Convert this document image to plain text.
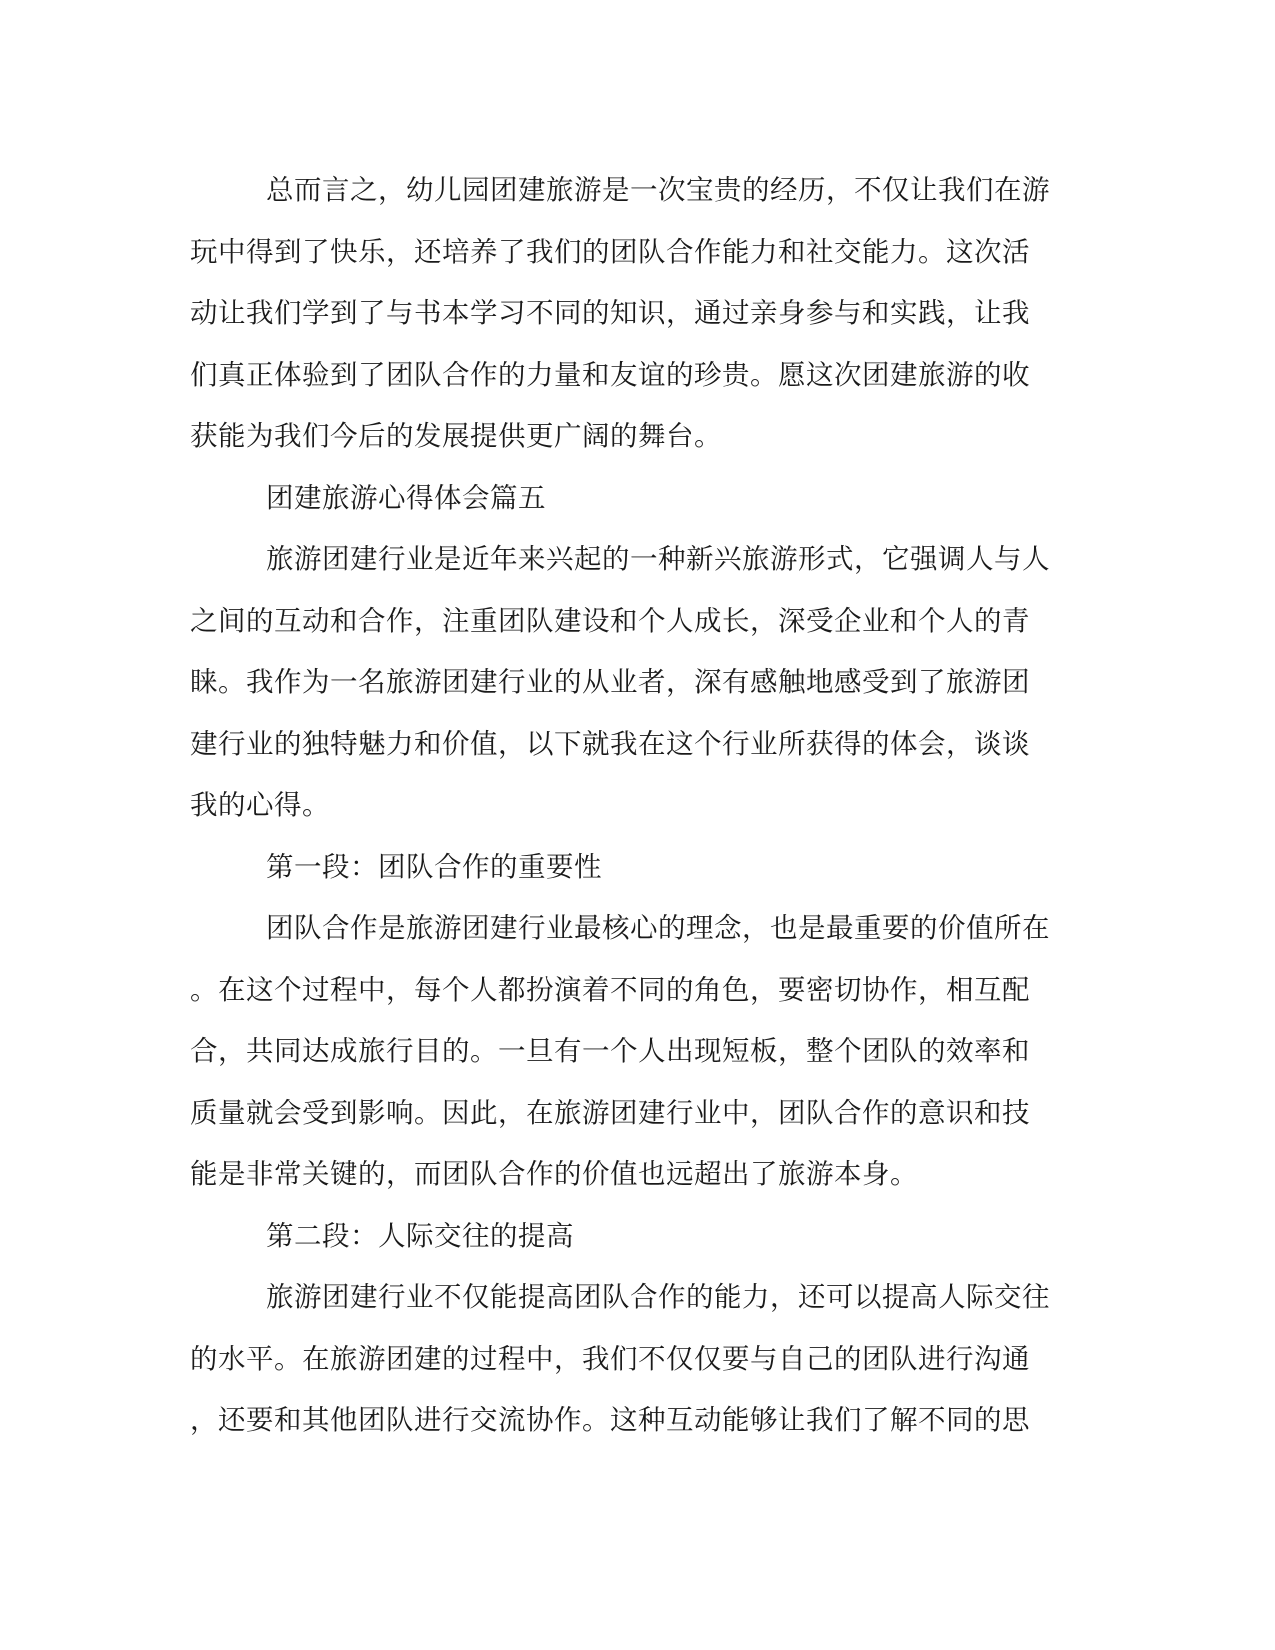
总而言之，幼儿园团建旅游是一次宝贵的经历，不仅让我们在游
玩中得到了快乐，还培养了我们的团队合作能力和社交能力。这次活
动让我们学到了与书本学习不同的知识，通过亲身参与和实践，让我
们真正体验到了团队合作的力量和友谊的珍贵。愿这次团建旅游的收
获能为我们今后的发展提供更广阔的舞台。
团建旅游心得体会篇五
旅游团建行业是近年来兴起的一种新兴旅游形式，它强调人与人
之间的互动和合作，注重团队建设和个人成长，深受企业和个人的青
睐。我作为一名旅游团建行业的从业者，深有感触地感受到了旅游团
建行业的独特魅力和价值，以下就我在这个行业所获得的体会，谈谈
我的心得。
第一段：团队合作的重要性
团队合作是旅游团建行业最核心的理念，也是最重要的价值所在
。在这个过程中，每个人都扮演着不同的角色，要密切协作，相互配
合，共同达成旅行目的。一旦有一个人出现短板，整个团队的效率和
质量就会受到影响。因此，在旅游团建行业中，团队合作的意识和技
能是非常关键的，而团队合作的价值也远超出了旅游本身。
第二段：人际交往的提高
旅游团建行业不仅能提高团队合作的能力，还可以提高人际交往
的水平。在旅游团建的过程中，我们不仅仅要与自己的团队进行沟通
，还要和其他团队进行交流协作。这种互动能够让我们了解不同的思
